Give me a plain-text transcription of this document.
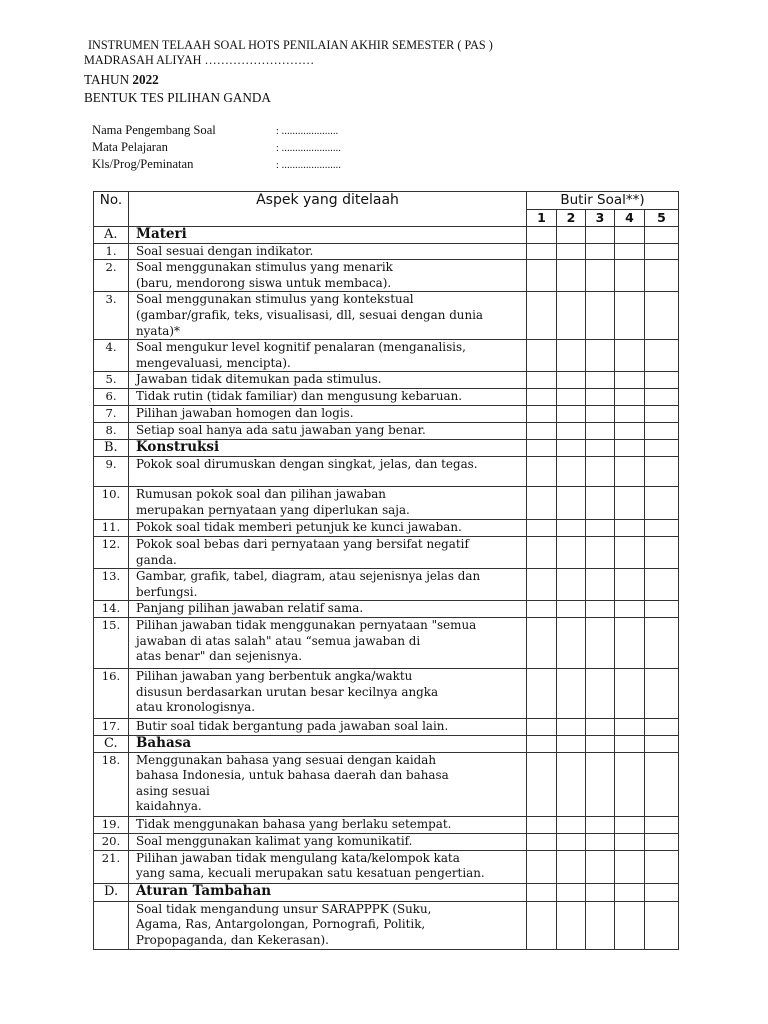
INSTRUMEN TELAAH SOAL HOTS PENILAIAN AKHIR SEMESTER ( PAS )
MADRASAH ALIYAH ………………………
TAHUN 2022
BENTUK TES PILIHAN GANDA
Nama Pengembang Soal	: .....................
Mata Pelajaran	: ......................
Kls/Prog/Peminatan	: ......................
No.	Aspek yang ditelaah	Butir Soal**)				
		1	2	3	4	5
A.	Materi					
1.	Soal sesuai dengan indikator.					
2.	Soal menggunakan stimulus yang menarik
(baru, mendorong siswa untuk membaca).					
3.	Soal menggunakan stimulus yang kontekstual
(gambar/grafik, teks, visualisasi, dll, sesuai dengan dunia
nyata)*					
4.	Soal mengukur level kognitif penalaran (menganalisis,
mengevaluasi, mencipta).					
5.	Jawaban tidak ditemukan pada stimulus.					
6.	Tidak rutin (tidak familiar) dan mengusung kebaruan.					
7.	Pilihan jawaban homogen dan logis.					
8.	Setiap soal hanya ada satu jawaban yang benar.					
B.	Konstruksi					
9.	Pokok soal dirumuskan dengan singkat, jelas, dan tegas.					
10.	Rumusan pokok soal dan pilihan jawaban
merupakan pernyataan yang diperlukan saja.					
11.	Pokok soal tidak memberi petunjuk ke kunci jawaban.					
12.	Pokok soal bebas dari pernyataan yang bersifat negatif
ganda.					
13.	Gambar, grafik, tabel, diagram, atau sejenisnya jelas dan
berfungsi.					
14.	Panjang pilihan jawaban relatif sama.					
15.	Pilihan jawaban tidak menggunakan pernyataan "semua
jawaban di atas salah" atau “semua jawaban di
atas benar" dan sejenisnya.					
16.	Pilihan jawaban yang berbentuk angka/waktu
disusun berdasarkan urutan besar kecilnya angka
atau kronologisnya.					
17.	Butir soal tidak bergantung pada jawaban soal lain.					
C.	Bahasa					
18.	Menggunakan bahasa yang sesuai dengan kaidah
bahasa Indonesia, untuk bahasa daerah dan bahasa
asing sesuai
kaidahnya.					
19.	Tidak menggunakan bahasa yang berlaku setempat.					
20.	Soal menggunakan kalimat yang komunikatif.					
21.	Pilihan jawaban tidak mengulang kata/kelompok kata
yang sama, kecuali merupakan satu kesatuan pengertian.					
D.	Aturan Tambahan					
	Soal tidak mengandung unsur SARAPPPK (Suku,
Agama, Ras, Antargolongan, Pornografi, Politik,
Propopaganda, dan Kekerasan).					
